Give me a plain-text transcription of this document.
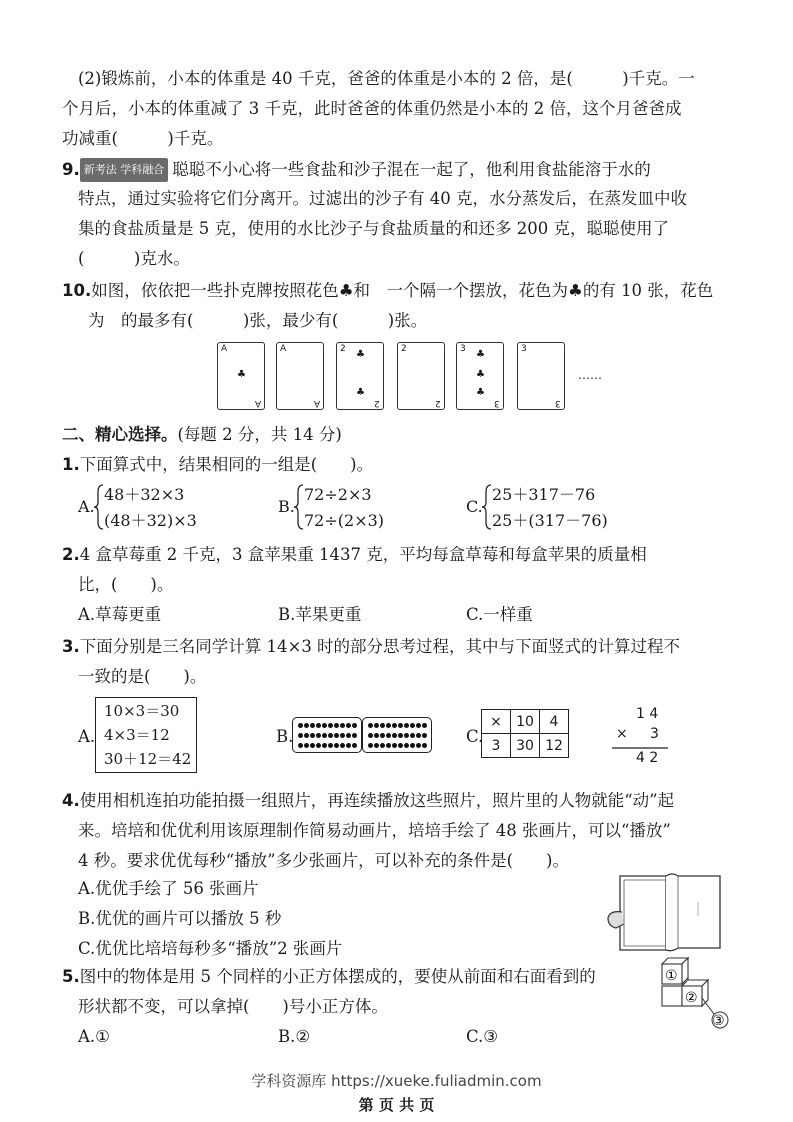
(2)锻炼前，小本的体重是 40 千克，爸爸的体重是小本的 2 倍，是(　　　)千克。一
个月后，小本的体重减了 3 千克，此时爸爸的体重仍然是小本的 2 倍，这个月爸爸成
功减重(　　　)千克。
9. 新考法 学科融合 聪聪不小心将一些食盐和沙子混在一起了，他利用食盐能溶于水的
特点，通过实验将它们分离开。过滤出的沙子有 40 克，水分蒸发后，在蒸发皿中收
集的食盐质量是 5 克，使用的水比沙子与食盐质量的和还多 200 克，聪聪使用了
(　　　)克水。
10.如图，依依把一些扑克牌按照花色♣和　一个隔一个摆放，花色为♣的有 10 张，花色
为　的最多有(　　　)张，最少有(　　　)张。
A
A
♣
A
A
2
2
♣
♣
2
2
3
3
♣
♣
♣
3
3
……
二、精心选择。(每题 2 分，共 14 分)
1.下面算式中，结果相同的一组是(　　)。
A.
48＋32×3
(48＋32)×3
B.
72÷2×3
72÷(2×3)
C.
25＋317－76
25＋(317－76)
2.4 盒草莓重 2 千克，3 盒苹果重 1437 克，平均每盒草莓和每盒苹果的质量相
比，(　　)。
A.草莓更重	B.苹果更重	C.一样重
3.下面分别是三名同学计算 14×3 时的部分思考过程，其中与下面竖式的计算过程不
一致的是(　　)。
A.
10×3＝30
4×3＝12
30＋12＝42
B.	C.
×	10	4
3	30	12
1 4
× 3
4 2
4.使用相机连拍功能拍摄一组照片，再连续播放这些照片，照片里的人物就能“动”起
来。培培和优优利用该原理制作简易动画片，培培手绘了 48 张画片，可以“播放”
4 秒。要求优优每秒“播放”多少张画片，可以补充的条件是(　　)。
A.优优手绘了 56 张画片
B.优优的画片可以播放 5 秒
C.优优比培培每秒多“播放”2 张画片
5.图中的物体是用 5 个同样的小正方体摆成的，要使从前面和右面看到的
形状都不变，可以拿掉(　　)号小正方体。
A.①	B.②	C.③
①
②
③
学科资源库 https://xueke.fuliadmin.com
第 页 共 页
